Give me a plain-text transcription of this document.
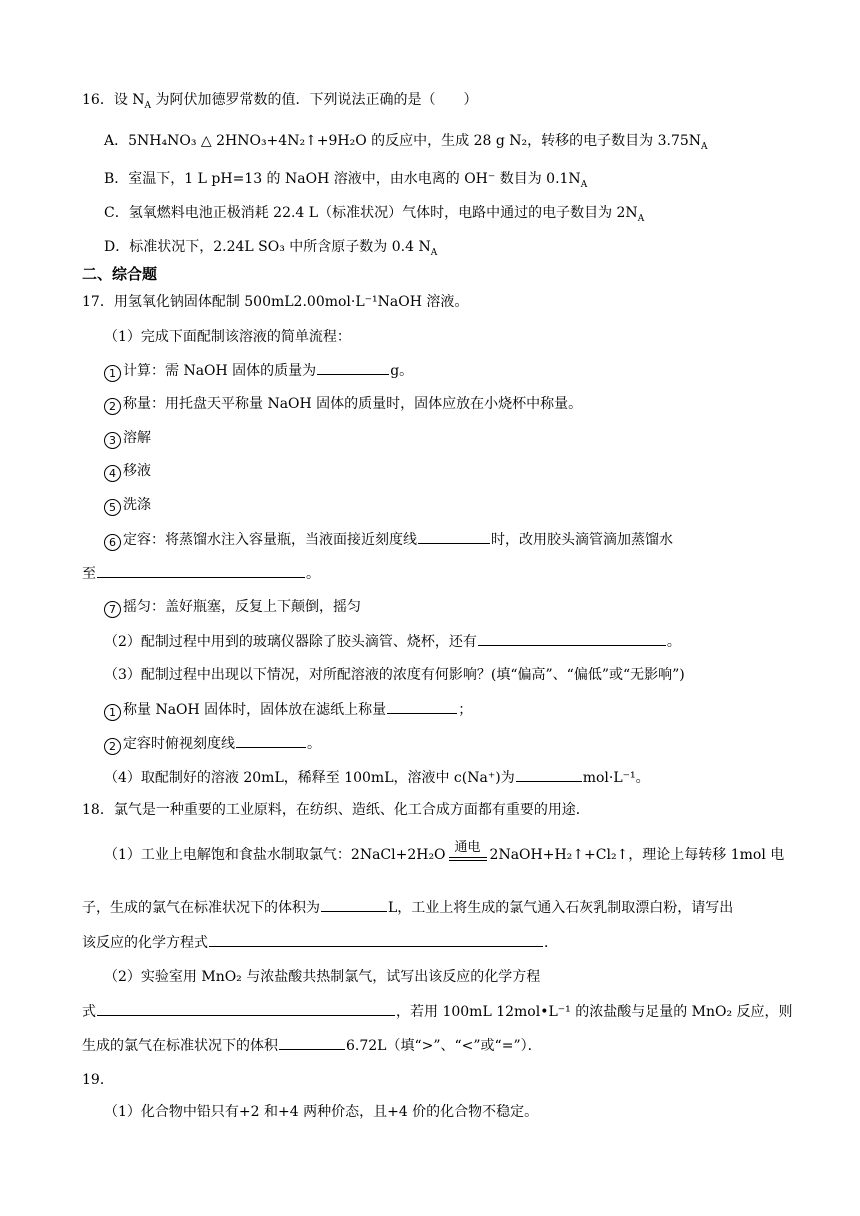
16．设 $N_A$ 为阿伏加德罗常数的值．下列说法正确的是（　　）
A．5NH₄NO₃ △ 2HNO₃+4N₂↑+9H₂O 的反应中，生成 28 g N₂，转移的电子数目为 $3.75N_A$
B．室温下，1 L pH=13 的 NaOH 溶液中，由水电离的 OH⁻ 数目为 $0.1N_A$
C．氢氧燃料电池正极消耗 22.4 L（标准状况）气体时，电路中通过的电子数目为 $2N_A$
D．标准状况下，2.24L SO₃ 中所含原子数为 0.4 $N_A$
二、综合题
17．用氢氧化钠固体配制 500mL2.00mol·L⁻¹NaOH 溶液。
（1）完成下面配制该溶液的简单流程：
1 计算：需 NaOH 固体的质量为	g。
2 称量：用托盘天平称量 NaOH 固体的质量时，固体应放在小烧杯中称量。
3 溶解
4 移液
5 洗涤
6 定容：将蒸馏水注入容量瓶，当液面接近刻度线	时，改用胶头滴管滴加蒸馏水
至	。
7 摇匀：盖好瓶塞，反复上下颠倒，摇匀
（2）配制过程中用到的玻璃仪器除了胶头滴管、烧杯，还有	。
（3）配制过程中出现以下情况，对所配溶液的浓度有何影响？(填“偏高”、“偏低”或“无影响”)
1 称量 NaOH 固体时，固体放在滤纸上称量	；
2 定容时俯视刻度线	。
（4）取配制好的溶液 20mL，稀释至 100mL，溶液中 c(Na⁺)为	mol·L⁻¹。
18．氯气是一种重要的工业原料，在纺织、造纸、化工合成方面都有重要的用途．
（1）工业上电解饱和食盐水制取氯气：2NaCl+2H₂O 通电 2NaOH+H₂↑+Cl₂↑，理论上每转移 1mol 电
子，生成的氯气在标准状况下的体积为	L，工业上将生成的氯气通入石灰乳制取漂白粉，请写出
该反应的化学方程式	．
（2）实验室用 MnO₂ 与浓盐酸共热制氯气，试写出该反应的化学方程
式	，若用 100mL 12mol•L⁻¹ 的浓盐酸与足量的 MnO₂ 反应，则
生成的氯气在标准状况下的体积	6.72L（填“>”、“<”或“=”）．
19．
（1）化合物中铅只有+2 和+4 两种价态，且+4 价的化合物不稳定。
